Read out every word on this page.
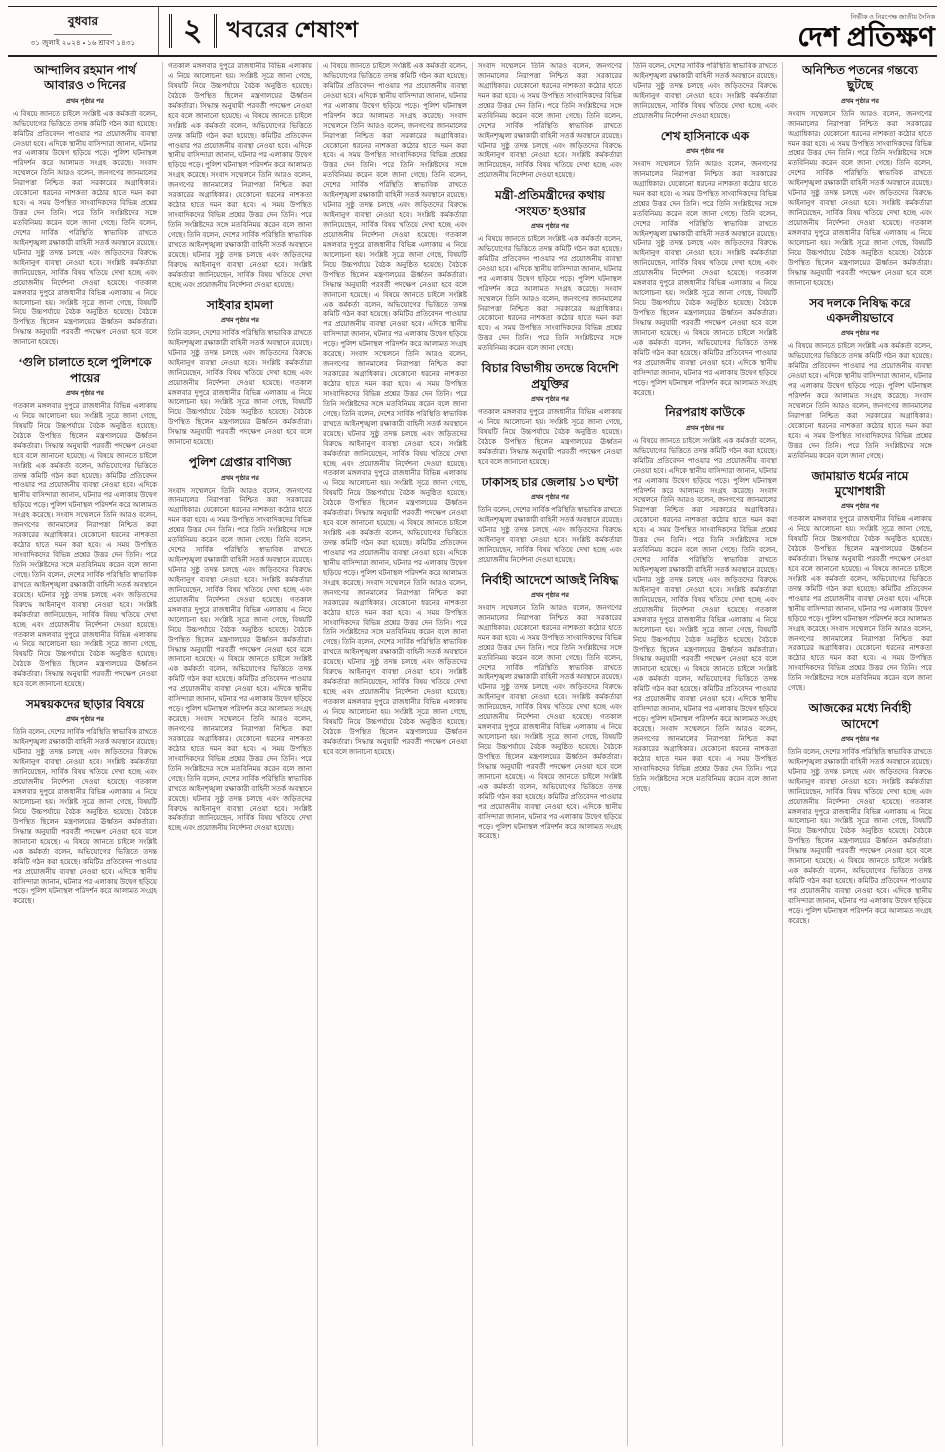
বুধবার
৩১ জুলাই ২০২৪ ▪ ১৬ শ্রাবণ ১৪৩১	২	খবরের শেষাংশ	নির্ভীক ও নিরপেক্ষ জাতীয় দৈনিক
দেশ প্রতিক্ষণ
আন্দালিব রহমান পার্থ আবারও ৩ দিনের
প্রথম পৃষ্ঠার পর
এ বিষয়ে জানতে চাইলে সংশ্লিষ্ট এক কর্মকর্তা বলেন, অভিযোগের ভিত্তিতে তদন্ত কমিটি গঠন করা হয়েছে। কমিটির প্রতিবেদন পাওয়ার পর প্রয়োজনীয় ব্যবস্থা নেওয়া হবে। এদিকে স্থানীয় বাসিন্দারা জানান, ঘটনার পর এলাকায় উদ্বেগ ছড়িয়ে পড়ে। পুলিশ ঘটনাস্থল পরিদর্শন করে আলামত সংগ্রহ করেছে। সংবাদ সম্মেলনে তিনি আরও বলেন, জনগণের জানমালের নিরাপত্তা নিশ্চিত করা সরকারের অগ্রাধিকার। যেকোনো ধরনের নাশকতা কঠোর হাতে দমন করা হবে। এ সময় উপস্থিত সাংবাদিকদের বিভিন্ন প্রশ্নের উত্তর দেন তিনি। পরে তিনি সংশ্লিষ্টদের সঙ্গে মতবিনিময় করেন বলে জানা গেছে। তিনি বলেন, দেশের সার্বিক পরিস্থিতি স্বাভাবিক রাখতে আইনশৃঙ্খলা রক্ষাকারী বাহিনী সতর্ক অবস্থানে রয়েছে। ঘটনার সুষ্ঠু তদন্ত চলছে এবং জড়িতদের বিরুদ্ধে আইনানুগ ব্যবস্থা নেওয়া হবে। সংশ্লিষ্ট কর্মকর্তারা জানিয়েছেন, সার্বিক বিষয় খতিয়ে দেখা হচ্ছে এবং প্রয়োজনীয় নির্দেশনা দেওয়া হয়েছে। গতকাল মঙ্গলবার দুপুরে রাজধানীর বিভিন্ন এলাকায় এ নিয়ে আলোচনা হয়। সংশ্লিষ্ট সূত্রে জানা গেছে, বিষয়টি নিয়ে উচ্চপর্যায়ে বৈঠক অনুষ্ঠিত হয়েছে। বৈঠকে উপস্থিত ছিলেন মন্ত্রণালয়ের ঊর্ধ্বতন কর্মকর্তারা। সিদ্ধান্ত অনুযায়ী পরবর্তী পদক্ষেপ নেওয়া হবে বলে জানানো হয়েছে।
‘গুলি চালাতে হলে পুলিশকে পায়ের
প্রথম পৃষ্ঠার পর
গতকাল মঙ্গলবার দুপুরে রাজধানীর বিভিন্ন এলাকায় এ নিয়ে আলোচনা হয়। সংশ্লিষ্ট সূত্রে জানা গেছে, বিষয়টি নিয়ে উচ্চপর্যায়ে বৈঠক অনুষ্ঠিত হয়েছে। বৈঠকে উপস্থিত ছিলেন মন্ত্রণালয়ের ঊর্ধ্বতন কর্মকর্তারা। সিদ্ধান্ত অনুযায়ী পরবর্তী পদক্ষেপ নেওয়া হবে বলে জানানো হয়েছে। এ বিষয়ে জানতে চাইলে সংশ্লিষ্ট এক কর্মকর্তা বলেন, অভিযোগের ভিত্তিতে তদন্ত কমিটি গঠন করা হয়েছে। কমিটির প্রতিবেদন পাওয়ার পর প্রয়োজনীয় ব্যবস্থা নেওয়া হবে। এদিকে স্থানীয় বাসিন্দারা জানান, ঘটনার পর এলাকায় উদ্বেগ ছড়িয়ে পড়ে। পুলিশ ঘটনাস্থল পরিদর্শন করে আলামত সংগ্রহ করেছে। সংবাদ সম্মেলনে তিনি আরও বলেন, জনগণের জানমালের নিরাপত্তা নিশ্চিত করা সরকারের অগ্রাধিকার। যেকোনো ধরনের নাশকতা কঠোর হাতে দমন করা হবে। এ সময় উপস্থিত সাংবাদিকদের বিভিন্ন প্রশ্নের উত্তর দেন তিনি। পরে তিনি সংশ্লিষ্টদের সঙ্গে মতবিনিময় করেন বলে জানা গেছে। তিনি বলেন, দেশের সার্বিক পরিস্থিতি স্বাভাবিক রাখতে আইনশৃঙ্খলা রক্ষাকারী বাহিনী সতর্ক অবস্থানে রয়েছে। ঘটনার সুষ্ঠু তদন্ত চলছে এবং জড়িতদের বিরুদ্ধে আইনানুগ ব্যবস্থা নেওয়া হবে। সংশ্লিষ্ট কর্মকর্তারা জানিয়েছেন, সার্বিক বিষয় খতিয়ে দেখা হচ্ছে এবং প্রয়োজনীয় নির্দেশনা দেওয়া হয়েছে। গতকাল মঙ্গলবার দুপুরে রাজধানীর বিভিন্ন এলাকায় এ নিয়ে আলোচনা হয়। সংশ্লিষ্ট সূত্রে জানা গেছে, বিষয়টি নিয়ে উচ্চপর্যায়ে বৈঠক অনুষ্ঠিত হয়েছে। বৈঠকে উপস্থিত ছিলেন মন্ত্রণালয়ের ঊর্ধ্বতন কর্মকর্তারা। সিদ্ধান্ত অনুযায়ী পরবর্তী পদক্ষেপ নেওয়া হবে বলে জানানো হয়েছে।
সমন্বয়কদের ছাড়ার বিষয়ে
প্রথম পৃষ্ঠার পর
তিনি বলেন, দেশের সার্বিক পরিস্থিতি স্বাভাবিক রাখতে আইনশৃঙ্খলা রক্ষাকারী বাহিনী সতর্ক অবস্থানে রয়েছে। ঘটনার সুষ্ঠু তদন্ত চলছে এবং জড়িতদের বিরুদ্ধে আইনানুগ ব্যবস্থা নেওয়া হবে। সংশ্লিষ্ট কর্মকর্তারা জানিয়েছেন, সার্বিক বিষয় খতিয়ে দেখা হচ্ছে এবং প্রয়োজনীয় নির্দেশনা দেওয়া হয়েছে। গতকাল মঙ্গলবার দুপুরে রাজধানীর বিভিন্ন এলাকায় এ নিয়ে আলোচনা হয়। সংশ্লিষ্ট সূত্রে জানা গেছে, বিষয়টি নিয়ে উচ্চপর্যায়ে বৈঠক অনুষ্ঠিত হয়েছে। বৈঠকে উপস্থিত ছিলেন মন্ত্রণালয়ের ঊর্ধ্বতন কর্মকর্তারা। সিদ্ধান্ত অনুযায়ী পরবর্তী পদক্ষেপ নেওয়া হবে বলে জানানো হয়েছে। এ বিষয়ে জানতে চাইলে সংশ্লিষ্ট এক কর্মকর্তা বলেন, অভিযোগের ভিত্তিতে তদন্ত কমিটি গঠন করা হয়েছে। কমিটির প্রতিবেদন পাওয়ার পর প্রয়োজনীয় ব্যবস্থা নেওয়া হবে। এদিকে স্থানীয় বাসিন্দারা জানান, ঘটনার পর এলাকায় উদ্বেগ ছড়িয়ে পড়ে। পুলিশ ঘটনাস্থল পরিদর্শন করে আলামত সংগ্রহ করেছে।
গতকাল মঙ্গলবার দুপুরে রাজধানীর বিভিন্ন এলাকায় এ নিয়ে আলোচনা হয়। সংশ্লিষ্ট সূত্রে জানা গেছে, বিষয়টি নিয়ে উচ্চপর্যায়ে বৈঠক অনুষ্ঠিত হয়েছে। বৈঠকে উপস্থিত ছিলেন মন্ত্রণালয়ের ঊর্ধ্বতন কর্মকর্তারা। সিদ্ধান্ত অনুযায়ী পরবর্তী পদক্ষেপ নেওয়া হবে বলে জানানো হয়েছে। এ বিষয়ে জানতে চাইলে সংশ্লিষ্ট এক কর্মকর্তা বলেন, অভিযোগের ভিত্তিতে তদন্ত কমিটি গঠন করা হয়েছে। কমিটির প্রতিবেদন পাওয়ার পর প্রয়োজনীয় ব্যবস্থা নেওয়া হবে। এদিকে স্থানীয় বাসিন্দারা জানান, ঘটনার পর এলাকায় উদ্বেগ ছড়িয়ে পড়ে। পুলিশ ঘটনাস্থল পরিদর্শন করে আলামত সংগ্রহ করেছে। সংবাদ সম্মেলনে তিনি আরও বলেন, জনগণের জানমালের নিরাপত্তা নিশ্চিত করা সরকারের অগ্রাধিকার। যেকোনো ধরনের নাশকতা কঠোর হাতে দমন করা হবে। এ সময় উপস্থিত সাংবাদিকদের বিভিন্ন প্রশ্নের উত্তর দেন তিনি। পরে তিনি সংশ্লিষ্টদের সঙ্গে মতবিনিময় করেন বলে জানা গেছে। তিনি বলেন, দেশের সার্বিক পরিস্থিতি স্বাভাবিক রাখতে আইনশৃঙ্খলা রক্ষাকারী বাহিনী সতর্ক অবস্থানে রয়েছে। ঘটনার সুষ্ঠু তদন্ত চলছে এবং জড়িতদের বিরুদ্ধে আইনানুগ ব্যবস্থা নেওয়া হবে। সংশ্লিষ্ট কর্মকর্তারা জানিয়েছেন, সার্বিক বিষয় খতিয়ে দেখা হচ্ছে এবং প্রয়োজনীয় নির্দেশনা দেওয়া হয়েছে।
সাইবার হামলা
প্রথম পৃষ্ঠার পর
তিনি বলেন, দেশের সার্বিক পরিস্থিতি স্বাভাবিক রাখতে আইনশৃঙ্খলা রক্ষাকারী বাহিনী সতর্ক অবস্থানে রয়েছে। ঘটনার সুষ্ঠু তদন্ত চলছে এবং জড়িতদের বিরুদ্ধে আইনানুগ ব্যবস্থা নেওয়া হবে। সংশ্লিষ্ট কর্মকর্তারা জানিয়েছেন, সার্বিক বিষয় খতিয়ে দেখা হচ্ছে এবং প্রয়োজনীয় নির্দেশনা দেওয়া হয়েছে। গতকাল মঙ্গলবার দুপুরে রাজধানীর বিভিন্ন এলাকায় এ নিয়ে আলোচনা হয়। সংশ্লিষ্ট সূত্রে জানা গেছে, বিষয়টি নিয়ে উচ্চপর্যায়ে বৈঠক অনুষ্ঠিত হয়েছে। বৈঠকে উপস্থিত ছিলেন মন্ত্রণালয়ের ঊর্ধ্বতন কর্মকর্তারা। সিদ্ধান্ত অনুযায়ী পরবর্তী পদক্ষেপ নেওয়া হবে বলে জানানো হয়েছে।
পুলিশ গ্রেপ্তার বাণিজ্য
প্রথম পৃষ্ঠার পর
সংবাদ সম্মেলনে তিনি আরও বলেন, জনগণের জানমালের নিরাপত্তা নিশ্চিত করা সরকারের অগ্রাধিকার। যেকোনো ধরনের নাশকতা কঠোর হাতে দমন করা হবে। এ সময় উপস্থিত সাংবাদিকদের বিভিন্ন প্রশ্নের উত্তর দেন তিনি। পরে তিনি সংশ্লিষ্টদের সঙ্গে মতবিনিময় করেন বলে জানা গেছে। তিনি বলেন, দেশের সার্বিক পরিস্থিতি স্বাভাবিক রাখতে আইনশৃঙ্খলা রক্ষাকারী বাহিনী সতর্ক অবস্থানে রয়েছে। ঘটনার সুষ্ঠু তদন্ত চলছে এবং জড়িতদের বিরুদ্ধে আইনানুগ ব্যবস্থা নেওয়া হবে। সংশ্লিষ্ট কর্মকর্তারা জানিয়েছেন, সার্বিক বিষয় খতিয়ে দেখা হচ্ছে এবং প্রয়োজনীয় নির্দেশনা দেওয়া হয়েছে। গতকাল মঙ্গলবার দুপুরে রাজধানীর বিভিন্ন এলাকায় এ নিয়ে আলোচনা হয়। সংশ্লিষ্ট সূত্রে জানা গেছে, বিষয়টি নিয়ে উচ্চপর্যায়ে বৈঠক অনুষ্ঠিত হয়েছে। বৈঠকে উপস্থিত ছিলেন মন্ত্রণালয়ের ঊর্ধ্বতন কর্মকর্তারা। সিদ্ধান্ত অনুযায়ী পরবর্তী পদক্ষেপ নেওয়া হবে বলে জানানো হয়েছে। এ বিষয়ে জানতে চাইলে সংশ্লিষ্ট এক কর্মকর্তা বলেন, অভিযোগের ভিত্তিতে তদন্ত কমিটি গঠন করা হয়েছে। কমিটির প্রতিবেদন পাওয়ার পর প্রয়োজনীয় ব্যবস্থা নেওয়া হবে। এদিকে স্থানীয় বাসিন্দারা জানান, ঘটনার পর এলাকায় উদ্বেগ ছড়িয়ে পড়ে। পুলিশ ঘটনাস্থল পরিদর্শন করে আলামত সংগ্রহ করেছে। সংবাদ সম্মেলনে তিনি আরও বলেন, জনগণের জানমালের নিরাপত্তা নিশ্চিত করা সরকারের অগ্রাধিকার। যেকোনো ধরনের নাশকতা কঠোর হাতে দমন করা হবে। এ সময় উপস্থিত সাংবাদিকদের বিভিন্ন প্রশ্নের উত্তর দেন তিনি। পরে তিনি সংশ্লিষ্টদের সঙ্গে মতবিনিময় করেন বলে জানা গেছে। তিনি বলেন, দেশের সার্বিক পরিস্থিতি স্বাভাবিক রাখতে আইনশৃঙ্খলা রক্ষাকারী বাহিনী সতর্ক অবস্থানে রয়েছে। ঘটনার সুষ্ঠু তদন্ত চলছে এবং জড়িতদের বিরুদ্ধে আইনানুগ ব্যবস্থা নেওয়া হবে। সংশ্লিষ্ট কর্মকর্তারা জানিয়েছেন, সার্বিক বিষয় খতিয়ে দেখা হচ্ছে এবং প্রয়োজনীয় নির্দেশনা দেওয়া হয়েছে।
এ বিষয়ে জানতে চাইলে সংশ্লিষ্ট এক কর্মকর্তা বলেন, অভিযোগের ভিত্তিতে তদন্ত কমিটি গঠন করা হয়েছে। কমিটির প্রতিবেদন পাওয়ার পর প্রয়োজনীয় ব্যবস্থা নেওয়া হবে। এদিকে স্থানীয় বাসিন্দারা জানান, ঘটনার পর এলাকায় উদ্বেগ ছড়িয়ে পড়ে। পুলিশ ঘটনাস্থল পরিদর্শন করে আলামত সংগ্রহ করেছে। সংবাদ সম্মেলনে তিনি আরও বলেন, জনগণের জানমালের নিরাপত্তা নিশ্চিত করা সরকারের অগ্রাধিকার। যেকোনো ধরনের নাশকতা কঠোর হাতে দমন করা হবে। এ সময় উপস্থিত সাংবাদিকদের বিভিন্ন প্রশ্নের উত্তর দেন তিনি। পরে তিনি সংশ্লিষ্টদের সঙ্গে মতবিনিময় করেন বলে জানা গেছে। তিনি বলেন, দেশের সার্বিক পরিস্থিতি স্বাভাবিক রাখতে আইনশৃঙ্খলা রক্ষাকারী বাহিনী সতর্ক অবস্থানে রয়েছে। ঘটনার সুষ্ঠু তদন্ত চলছে এবং জড়িতদের বিরুদ্ধে আইনানুগ ব্যবস্থা নেওয়া হবে। সংশ্লিষ্ট কর্মকর্তারা জানিয়েছেন, সার্বিক বিষয় খতিয়ে দেখা হচ্ছে এবং প্রয়োজনীয় নির্দেশনা দেওয়া হয়েছে। গতকাল মঙ্গলবার দুপুরে রাজধানীর বিভিন্ন এলাকায় এ নিয়ে আলোচনা হয়। সংশ্লিষ্ট সূত্রে জানা গেছে, বিষয়টি নিয়ে উচ্চপর্যায়ে বৈঠক অনুষ্ঠিত হয়েছে। বৈঠকে উপস্থিত ছিলেন মন্ত্রণালয়ের ঊর্ধ্বতন কর্মকর্তারা। সিদ্ধান্ত অনুযায়ী পরবর্তী পদক্ষেপ নেওয়া হবে বলে জানানো হয়েছে। এ বিষয়ে জানতে চাইলে সংশ্লিষ্ট এক কর্মকর্তা বলেন, অভিযোগের ভিত্তিতে তদন্ত কমিটি গঠন করা হয়েছে। কমিটির প্রতিবেদন পাওয়ার পর প্রয়োজনীয় ব্যবস্থা নেওয়া হবে। এদিকে স্থানীয় বাসিন্দারা জানান, ঘটনার পর এলাকায় উদ্বেগ ছড়িয়ে পড়ে। পুলিশ ঘটনাস্থল পরিদর্শন করে আলামত সংগ্রহ করেছে। সংবাদ সম্মেলনে তিনি আরও বলেন, জনগণের জানমালের নিরাপত্তা নিশ্চিত করা সরকারের অগ্রাধিকার। যেকোনো ধরনের নাশকতা কঠোর হাতে দমন করা হবে। এ সময় উপস্থিত সাংবাদিকদের বিভিন্ন প্রশ্নের উত্তর দেন তিনি। পরে তিনি সংশ্লিষ্টদের সঙ্গে মতবিনিময় করেন বলে জানা গেছে। তিনি বলেন, দেশের সার্বিক পরিস্থিতি স্বাভাবিক রাখতে আইনশৃঙ্খলা রক্ষাকারী বাহিনী সতর্ক অবস্থানে রয়েছে। ঘটনার সুষ্ঠু তদন্ত চলছে এবং জড়িতদের বিরুদ্ধে আইনানুগ ব্যবস্থা নেওয়া হবে। সংশ্লিষ্ট কর্মকর্তারা জানিয়েছেন, সার্বিক বিষয় খতিয়ে দেখা হচ্ছে এবং প্রয়োজনীয় নির্দেশনা দেওয়া হয়েছে। গতকাল মঙ্গলবার দুপুরে রাজধানীর বিভিন্ন এলাকায় এ নিয়ে আলোচনা হয়। সংশ্লিষ্ট সূত্রে জানা গেছে, বিষয়টি নিয়ে উচ্চপর্যায়ে বৈঠক অনুষ্ঠিত হয়েছে। বৈঠকে উপস্থিত ছিলেন মন্ত্রণালয়ের ঊর্ধ্বতন কর্মকর্তারা। সিদ্ধান্ত অনুযায়ী পরবর্তী পদক্ষেপ নেওয়া হবে বলে জানানো হয়েছে। এ বিষয়ে জানতে চাইলে সংশ্লিষ্ট এক কর্মকর্তা বলেন, অভিযোগের ভিত্তিতে তদন্ত কমিটি গঠন করা হয়েছে। কমিটির প্রতিবেদন পাওয়ার পর প্রয়োজনীয় ব্যবস্থা নেওয়া হবে। এদিকে স্থানীয় বাসিন্দারা জানান, ঘটনার পর এলাকায় উদ্বেগ ছড়িয়ে পড়ে। পুলিশ ঘটনাস্থল পরিদর্শন করে আলামত সংগ্রহ করেছে। সংবাদ সম্মেলনে তিনি আরও বলেন, জনগণের জানমালের নিরাপত্তা নিশ্চিত করা সরকারের অগ্রাধিকার। যেকোনো ধরনের নাশকতা কঠোর হাতে দমন করা হবে। এ সময় উপস্থিত সাংবাদিকদের বিভিন্ন প্রশ্নের উত্তর দেন তিনি। পরে তিনি সংশ্লিষ্টদের সঙ্গে মতবিনিময় করেন বলে জানা গেছে। তিনি বলেন, দেশের সার্বিক পরিস্থিতি স্বাভাবিক রাখতে আইনশৃঙ্খলা রক্ষাকারী বাহিনী সতর্ক অবস্থানে রয়েছে। ঘটনার সুষ্ঠু তদন্ত চলছে এবং জড়িতদের বিরুদ্ধে আইনানুগ ব্যবস্থা নেওয়া হবে। সংশ্লিষ্ট কর্মকর্তারা জানিয়েছেন, সার্বিক বিষয় খতিয়ে দেখা হচ্ছে এবং প্রয়োজনীয় নির্দেশনা দেওয়া হয়েছে। গতকাল মঙ্গলবার দুপুরে রাজধানীর বিভিন্ন এলাকায় এ নিয়ে আলোচনা হয়। সংশ্লিষ্ট সূত্রে জানা গেছে, বিষয়টি নিয়ে উচ্চপর্যায়ে বৈঠক অনুষ্ঠিত হয়েছে। বৈঠকে উপস্থিত ছিলেন মন্ত্রণালয়ের ঊর্ধ্বতন কর্মকর্তারা। সিদ্ধান্ত অনুযায়ী পরবর্তী পদক্ষেপ নেওয়া হবে বলে জানানো হয়েছে।
সংবাদ সম্মেলনে তিনি আরও বলেন, জনগণের জানমালের নিরাপত্তা নিশ্চিত করা সরকারের অগ্রাধিকার। যেকোনো ধরনের নাশকতা কঠোর হাতে দমন করা হবে। এ সময় উপস্থিত সাংবাদিকদের বিভিন্ন প্রশ্নের উত্তর দেন তিনি। পরে তিনি সংশ্লিষ্টদের সঙ্গে মতবিনিময় করেন বলে জানা গেছে। তিনি বলেন, দেশের সার্বিক পরিস্থিতি স্বাভাবিক রাখতে আইনশৃঙ্খলা রক্ষাকারী বাহিনী সতর্ক অবস্থানে রয়েছে। ঘটনার সুষ্ঠু তদন্ত চলছে এবং জড়িতদের বিরুদ্ধে আইনানুগ ব্যবস্থা নেওয়া হবে। সংশ্লিষ্ট কর্মকর্তারা জানিয়েছেন, সার্বিক বিষয় খতিয়ে দেখা হচ্ছে এবং প্রয়োজনীয় নির্দেশনা দেওয়া হয়েছে।
মন্ত্রী-প্রতিমন্ত্রীদের কথায় ‘সংযত’ হওয়ার
প্রথম পৃষ্ঠার পর
এ বিষয়ে জানতে চাইলে সংশ্লিষ্ট এক কর্মকর্তা বলেন, অভিযোগের ভিত্তিতে তদন্ত কমিটি গঠন করা হয়েছে। কমিটির প্রতিবেদন পাওয়ার পর প্রয়োজনীয় ব্যবস্থা নেওয়া হবে। এদিকে স্থানীয় বাসিন্দারা জানান, ঘটনার পর এলাকায় উদ্বেগ ছড়িয়ে পড়ে। পুলিশ ঘটনাস্থল পরিদর্শন করে আলামত সংগ্রহ করেছে। সংবাদ সম্মেলনে তিনি আরও বলেন, জনগণের জানমালের নিরাপত্তা নিশ্চিত করা সরকারের অগ্রাধিকার। যেকোনো ধরনের নাশকতা কঠোর হাতে দমন করা হবে। এ সময় উপস্থিত সাংবাদিকদের বিভিন্ন প্রশ্নের উত্তর দেন তিনি। পরে তিনি সংশ্লিষ্টদের সঙ্গে মতবিনিময় করেন বলে জানা গেছে।
বিচার বিভাগীয় তদন্তে বিদেশি প্রযুক্তির
প্রথম পৃষ্ঠার পর
গতকাল মঙ্গলবার দুপুরে রাজধানীর বিভিন্ন এলাকায় এ নিয়ে আলোচনা হয়। সংশ্লিষ্ট সূত্রে জানা গেছে, বিষয়টি নিয়ে উচ্চপর্যায়ে বৈঠক অনুষ্ঠিত হয়েছে। বৈঠকে উপস্থিত ছিলেন মন্ত্রণালয়ের ঊর্ধ্বতন কর্মকর্তারা। সিদ্ধান্ত অনুযায়ী পরবর্তী পদক্ষেপ নেওয়া হবে বলে জানানো হয়েছে।
ঢাকাসহ চার জেলায় ১৩ ঘণ্টা
প্রথম পৃষ্ঠার পর
তিনি বলেন, দেশের সার্বিক পরিস্থিতি স্বাভাবিক রাখতে আইনশৃঙ্খলা রক্ষাকারী বাহিনী সতর্ক অবস্থানে রয়েছে। ঘটনার সুষ্ঠু তদন্ত চলছে এবং জড়িতদের বিরুদ্ধে আইনানুগ ব্যবস্থা নেওয়া হবে। সংশ্লিষ্ট কর্মকর্তারা জানিয়েছেন, সার্বিক বিষয় খতিয়ে দেখা হচ্ছে এবং প্রয়োজনীয় নির্দেশনা দেওয়া হয়েছে।
নির্বাহী আদেশে আজই নিষিদ্ধ
প্রথম পৃষ্ঠার পর
সংবাদ সম্মেলনে তিনি আরও বলেন, জনগণের জানমালের নিরাপত্তা নিশ্চিত করা সরকারের অগ্রাধিকার। যেকোনো ধরনের নাশকতা কঠোর হাতে দমন করা হবে। এ সময় উপস্থিত সাংবাদিকদের বিভিন্ন প্রশ্নের উত্তর দেন তিনি। পরে তিনি সংশ্লিষ্টদের সঙ্গে মতবিনিময় করেন বলে জানা গেছে। তিনি বলেন, দেশের সার্বিক পরিস্থিতি স্বাভাবিক রাখতে আইনশৃঙ্খলা রক্ষাকারী বাহিনী সতর্ক অবস্থানে রয়েছে। ঘটনার সুষ্ঠু তদন্ত চলছে এবং জড়িতদের বিরুদ্ধে আইনানুগ ব্যবস্থা নেওয়া হবে। সংশ্লিষ্ট কর্মকর্তারা জানিয়েছেন, সার্বিক বিষয় খতিয়ে দেখা হচ্ছে এবং প্রয়োজনীয় নির্দেশনা দেওয়া হয়েছে। গতকাল মঙ্গলবার দুপুরে রাজধানীর বিভিন্ন এলাকায় এ নিয়ে আলোচনা হয়। সংশ্লিষ্ট সূত্রে জানা গেছে, বিষয়টি নিয়ে উচ্চপর্যায়ে বৈঠক অনুষ্ঠিত হয়েছে। বৈঠকে উপস্থিত ছিলেন মন্ত্রণালয়ের ঊর্ধ্বতন কর্মকর্তারা। সিদ্ধান্ত অনুযায়ী পরবর্তী পদক্ষেপ নেওয়া হবে বলে জানানো হয়েছে। এ বিষয়ে জানতে চাইলে সংশ্লিষ্ট এক কর্মকর্তা বলেন, অভিযোগের ভিত্তিতে তদন্ত কমিটি গঠন করা হয়েছে। কমিটির প্রতিবেদন পাওয়ার পর প্রয়োজনীয় ব্যবস্থা নেওয়া হবে। এদিকে স্থানীয় বাসিন্দারা জানান, ঘটনার পর এলাকায় উদ্বেগ ছড়িয়ে পড়ে। পুলিশ ঘটনাস্থল পরিদর্শন করে আলামত সংগ্রহ করেছে।
তিনি বলেন, দেশের সার্বিক পরিস্থিতি স্বাভাবিক রাখতে আইনশৃঙ্খলা রক্ষাকারী বাহিনী সতর্ক অবস্থানে রয়েছে। ঘটনার সুষ্ঠু তদন্ত চলছে এবং জড়িতদের বিরুদ্ধে আইনানুগ ব্যবস্থা নেওয়া হবে। সংশ্লিষ্ট কর্মকর্তারা জানিয়েছেন, সার্বিক বিষয় খতিয়ে দেখা হচ্ছে এবং প্রয়োজনীয় নির্দেশনা দেওয়া হয়েছে।
শেখ হাসিনাকে এক
প্রথম পৃষ্ঠার পর
সংবাদ সম্মেলনে তিনি আরও বলেন, জনগণের জানমালের নিরাপত্তা নিশ্চিত করা সরকারের অগ্রাধিকার। যেকোনো ধরনের নাশকতা কঠোর হাতে দমন করা হবে। এ সময় উপস্থিত সাংবাদিকদের বিভিন্ন প্রশ্নের উত্তর দেন তিনি। পরে তিনি সংশ্লিষ্টদের সঙ্গে মতবিনিময় করেন বলে জানা গেছে। তিনি বলেন, দেশের সার্বিক পরিস্থিতি স্বাভাবিক রাখতে আইনশৃঙ্খলা রক্ষাকারী বাহিনী সতর্ক অবস্থানে রয়েছে। ঘটনার সুষ্ঠু তদন্ত চলছে এবং জড়িতদের বিরুদ্ধে আইনানুগ ব্যবস্থা নেওয়া হবে। সংশ্লিষ্ট কর্মকর্তারা জানিয়েছেন, সার্বিক বিষয় খতিয়ে দেখা হচ্ছে এবং প্রয়োজনীয় নির্দেশনা দেওয়া হয়েছে। গতকাল মঙ্গলবার দুপুরে রাজধানীর বিভিন্ন এলাকায় এ নিয়ে আলোচনা হয়। সংশ্লিষ্ট সূত্রে জানা গেছে, বিষয়টি নিয়ে উচ্চপর্যায়ে বৈঠক অনুষ্ঠিত হয়েছে। বৈঠকে উপস্থিত ছিলেন মন্ত্রণালয়ের ঊর্ধ্বতন কর্মকর্তারা। সিদ্ধান্ত অনুযায়ী পরবর্তী পদক্ষেপ নেওয়া হবে বলে জানানো হয়েছে। এ বিষয়ে জানতে চাইলে সংশ্লিষ্ট এক কর্মকর্তা বলেন, অভিযোগের ভিত্তিতে তদন্ত কমিটি গঠন করা হয়েছে। কমিটির প্রতিবেদন পাওয়ার পর প্রয়োজনীয় ব্যবস্থা নেওয়া হবে। এদিকে স্থানীয় বাসিন্দারা জানান, ঘটনার পর এলাকায় উদ্বেগ ছড়িয়ে পড়ে। পুলিশ ঘটনাস্থল পরিদর্শন করে আলামত সংগ্রহ করেছে।
নিরপরাধ কাউকে
প্রথম পৃষ্ঠার পর
এ বিষয়ে জানতে চাইলে সংশ্লিষ্ট এক কর্মকর্তা বলেন, অভিযোগের ভিত্তিতে তদন্ত কমিটি গঠন করা হয়েছে। কমিটির প্রতিবেদন পাওয়ার পর প্রয়োজনীয় ব্যবস্থা নেওয়া হবে। এদিকে স্থানীয় বাসিন্দারা জানান, ঘটনার পর এলাকায় উদ্বেগ ছড়িয়ে পড়ে। পুলিশ ঘটনাস্থল পরিদর্শন করে আলামত সংগ্রহ করেছে। সংবাদ সম্মেলনে তিনি আরও বলেন, জনগণের জানমালের নিরাপত্তা নিশ্চিত করা সরকারের অগ্রাধিকার। যেকোনো ধরনের নাশকতা কঠোর হাতে দমন করা হবে। এ সময় উপস্থিত সাংবাদিকদের বিভিন্ন প্রশ্নের উত্তর দেন তিনি। পরে তিনি সংশ্লিষ্টদের সঙ্গে মতবিনিময় করেন বলে জানা গেছে। তিনি বলেন, দেশের সার্বিক পরিস্থিতি স্বাভাবিক রাখতে আইনশৃঙ্খলা রক্ষাকারী বাহিনী সতর্ক অবস্থানে রয়েছে। ঘটনার সুষ্ঠু তদন্ত চলছে এবং জড়িতদের বিরুদ্ধে আইনানুগ ব্যবস্থা নেওয়া হবে। সংশ্লিষ্ট কর্মকর্তারা জানিয়েছেন, সার্বিক বিষয় খতিয়ে দেখা হচ্ছে এবং প্রয়োজনীয় নির্দেশনা দেওয়া হয়েছে। গতকাল মঙ্গলবার দুপুরে রাজধানীর বিভিন্ন এলাকায় এ নিয়ে আলোচনা হয়। সংশ্লিষ্ট সূত্রে জানা গেছে, বিষয়টি নিয়ে উচ্চপর্যায়ে বৈঠক অনুষ্ঠিত হয়েছে। বৈঠকে উপস্থিত ছিলেন মন্ত্রণালয়ের ঊর্ধ্বতন কর্মকর্তারা। সিদ্ধান্ত অনুযায়ী পরবর্তী পদক্ষেপ নেওয়া হবে বলে জানানো হয়েছে। এ বিষয়ে জানতে চাইলে সংশ্লিষ্ট এক কর্মকর্তা বলেন, অভিযোগের ভিত্তিতে তদন্ত কমিটি গঠন করা হয়েছে। কমিটির প্রতিবেদন পাওয়ার পর প্রয়োজনীয় ব্যবস্থা নেওয়া হবে। এদিকে স্থানীয় বাসিন্দারা জানান, ঘটনার পর এলাকায় উদ্বেগ ছড়িয়ে পড়ে। পুলিশ ঘটনাস্থল পরিদর্শন করে আলামত সংগ্রহ করেছে। সংবাদ সম্মেলনে তিনি আরও বলেন, জনগণের জানমালের নিরাপত্তা নিশ্চিত করা সরকারের অগ্রাধিকার। যেকোনো ধরনের নাশকতা কঠোর হাতে দমন করা হবে। এ সময় উপস্থিত সাংবাদিকদের বিভিন্ন প্রশ্নের উত্তর দেন তিনি। পরে তিনি সংশ্লিষ্টদের সঙ্গে মতবিনিময় করেন বলে জানা গেছে।
অনিশ্চিত পতনের গন্তব্যে ছুটছে
প্রথম পৃষ্ঠার পর
সংবাদ সম্মেলনে তিনি আরও বলেন, জনগণের জানমালের নিরাপত্তা নিশ্চিত করা সরকারের অগ্রাধিকার। যেকোনো ধরনের নাশকতা কঠোর হাতে দমন করা হবে। এ সময় উপস্থিত সাংবাদিকদের বিভিন্ন প্রশ্নের উত্তর দেন তিনি। পরে তিনি সংশ্লিষ্টদের সঙ্গে মতবিনিময় করেন বলে জানা গেছে। তিনি বলেন, দেশের সার্বিক পরিস্থিতি স্বাভাবিক রাখতে আইনশৃঙ্খলা রক্ষাকারী বাহিনী সতর্ক অবস্থানে রয়েছে। ঘটনার সুষ্ঠু তদন্ত চলছে এবং জড়িতদের বিরুদ্ধে আইনানুগ ব্যবস্থা নেওয়া হবে। সংশ্লিষ্ট কর্মকর্তারা জানিয়েছেন, সার্বিক বিষয় খতিয়ে দেখা হচ্ছে এবং প্রয়োজনীয় নির্দেশনা দেওয়া হয়েছে। গতকাল মঙ্গলবার দুপুরে রাজধানীর বিভিন্ন এলাকায় এ নিয়ে আলোচনা হয়। সংশ্লিষ্ট সূত্রে জানা গেছে, বিষয়টি নিয়ে উচ্চপর্যায়ে বৈঠক অনুষ্ঠিত হয়েছে। বৈঠকে উপস্থিত ছিলেন মন্ত্রণালয়ের ঊর্ধ্বতন কর্মকর্তারা। সিদ্ধান্ত অনুযায়ী পরবর্তী পদক্ষেপ নেওয়া হবে বলে জানানো হয়েছে।
সব দলকে নিষিদ্ধ করে একদলীয়ভাবে
প্রথম পৃষ্ঠার পর
এ বিষয়ে জানতে চাইলে সংশ্লিষ্ট এক কর্মকর্তা বলেন, অভিযোগের ভিত্তিতে তদন্ত কমিটি গঠন করা হয়েছে। কমিটির প্রতিবেদন পাওয়ার পর প্রয়োজনীয় ব্যবস্থা নেওয়া হবে। এদিকে স্থানীয় বাসিন্দারা জানান, ঘটনার পর এলাকায় উদ্বেগ ছড়িয়ে পড়ে। পুলিশ ঘটনাস্থল পরিদর্শন করে আলামত সংগ্রহ করেছে। সংবাদ সম্মেলনে তিনি আরও বলেন, জনগণের জানমালের নিরাপত্তা নিশ্চিত করা সরকারের অগ্রাধিকার। যেকোনো ধরনের নাশকতা কঠোর হাতে দমন করা হবে। এ সময় উপস্থিত সাংবাদিকদের বিভিন্ন প্রশ্নের উত্তর দেন তিনি। পরে তিনি সংশ্লিষ্টদের সঙ্গে মতবিনিময় করেন বলে জানা গেছে।
জামায়াত ধর্মের নামে মুখোশধারী
প্রথম পৃষ্ঠার পর
গতকাল মঙ্গলবার দুপুরে রাজধানীর বিভিন্ন এলাকায় এ নিয়ে আলোচনা হয়। সংশ্লিষ্ট সূত্রে জানা গেছে, বিষয়টি নিয়ে উচ্চপর্যায়ে বৈঠক অনুষ্ঠিত হয়েছে। বৈঠকে উপস্থিত ছিলেন মন্ত্রণালয়ের ঊর্ধ্বতন কর্মকর্তারা। সিদ্ধান্ত অনুযায়ী পরবর্তী পদক্ষেপ নেওয়া হবে বলে জানানো হয়েছে। এ বিষয়ে জানতে চাইলে সংশ্লিষ্ট এক কর্মকর্তা বলেন, অভিযোগের ভিত্তিতে তদন্ত কমিটি গঠন করা হয়েছে। কমিটির প্রতিবেদন পাওয়ার পর প্রয়োজনীয় ব্যবস্থা নেওয়া হবে। এদিকে স্থানীয় বাসিন্দারা জানান, ঘটনার পর এলাকায় উদ্বেগ ছড়িয়ে পড়ে। পুলিশ ঘটনাস্থল পরিদর্শন করে আলামত সংগ্রহ করেছে। সংবাদ সম্মেলনে তিনি আরও বলেন, জনগণের জানমালের নিরাপত্তা নিশ্চিত করা সরকারের অগ্রাধিকার। যেকোনো ধরনের নাশকতা কঠোর হাতে দমন করা হবে। এ সময় উপস্থিত সাংবাদিকদের বিভিন্ন প্রশ্নের উত্তর দেন তিনি। পরে তিনি সংশ্লিষ্টদের সঙ্গে মতবিনিময় করেন বলে জানা গেছে।
আজকের মধ্যে নির্বাহী আদেশে
প্রথম পৃষ্ঠার পর
তিনি বলেন, দেশের সার্বিক পরিস্থিতি স্বাভাবিক রাখতে আইনশৃঙ্খলা রক্ষাকারী বাহিনী সতর্ক অবস্থানে রয়েছে। ঘটনার সুষ্ঠু তদন্ত চলছে এবং জড়িতদের বিরুদ্ধে আইনানুগ ব্যবস্থা নেওয়া হবে। সংশ্লিষ্ট কর্মকর্তারা জানিয়েছেন, সার্বিক বিষয় খতিয়ে দেখা হচ্ছে এবং প্রয়োজনীয় নির্দেশনা দেওয়া হয়েছে। গতকাল মঙ্গলবার দুপুরে রাজধানীর বিভিন্ন এলাকায় এ নিয়ে আলোচনা হয়। সংশ্লিষ্ট সূত্রে জানা গেছে, বিষয়টি নিয়ে উচ্চপর্যায়ে বৈঠক অনুষ্ঠিত হয়েছে। বৈঠকে উপস্থিত ছিলেন মন্ত্রণালয়ের ঊর্ধ্বতন কর্মকর্তারা। সিদ্ধান্ত অনুযায়ী পরবর্তী পদক্ষেপ নেওয়া হবে বলে জানানো হয়েছে। এ বিষয়ে জানতে চাইলে সংশ্লিষ্ট এক কর্মকর্তা বলেন, অভিযোগের ভিত্তিতে তদন্ত কমিটি গঠন করা হয়েছে। কমিটির প্রতিবেদন পাওয়ার পর প্রয়োজনীয় ব্যবস্থা নেওয়া হবে। এদিকে স্থানীয় বাসিন্দারা জানান, ঘটনার পর এলাকায় উদ্বেগ ছড়িয়ে পড়ে। পুলিশ ঘটনাস্থল পরিদর্শন করে আলামত সংগ্রহ করেছে।
